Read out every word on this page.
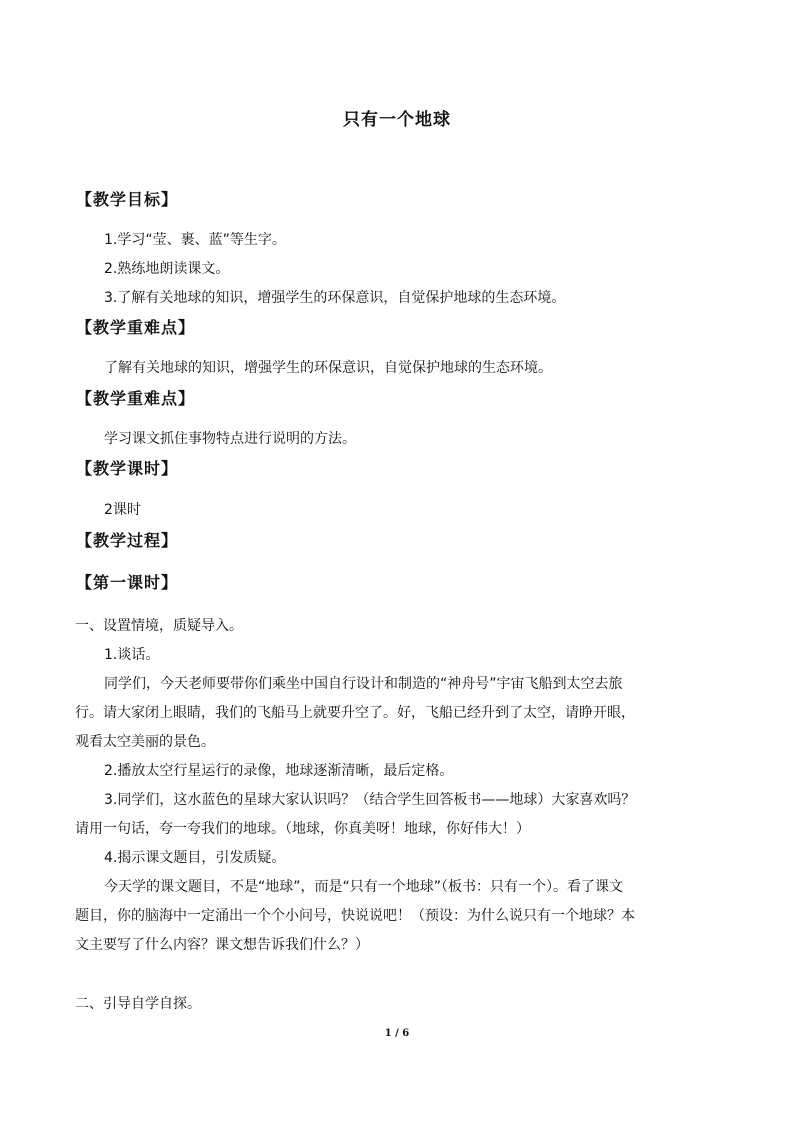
只有一个地球
【教学目标】
1.学习“莹、裹、蓝”等生字。
2.熟练地朗读课文。
3.了解有关地球的知识，增强学生的环保意识，自觉保护地球的生态环境。
【教学重难点】
了解有关地球的知识，增强学生的环保意识，自觉保护地球的生态环境。
【教学重难点】
学习课文抓住事物特点进行说明的方法。
【教学课时】
2课时
【教学过程】
【第一课时】
一、设置情境，质疑导入。
1.谈话。
同学们，今天老师要带你们乘坐中国自行设计和制造的“神舟号”宇宙飞船到太空去旅
行。请大家闭上眼睛，我们的飞船马上就要升空了。好，飞船已经升到了太空，请睁开眼，
观看太空美丽的景色。
2.播放太空行星运行的录像，地球逐渐清晰，最后定格。
3.同学们，这水蓝色的星球大家认识吗？（结合学生回答板书——地球）大家喜欢吗？
请用一句话，夸一夸我们的地球。（地球，你真美呀！地球，你好伟大！）
4.揭示课文题目，引发质疑。
今天学的课文题目，不是“地球”，而是“只有一个地球”（板书：只有一个）。看了课文
题目，你的脑海中一定涌出一个个小问号，快说说吧！（预设：为什么说只有一个地球？本
文主要写了什么内容？课文想告诉我们什么？）
二、引导自学自探。
1 / 6
